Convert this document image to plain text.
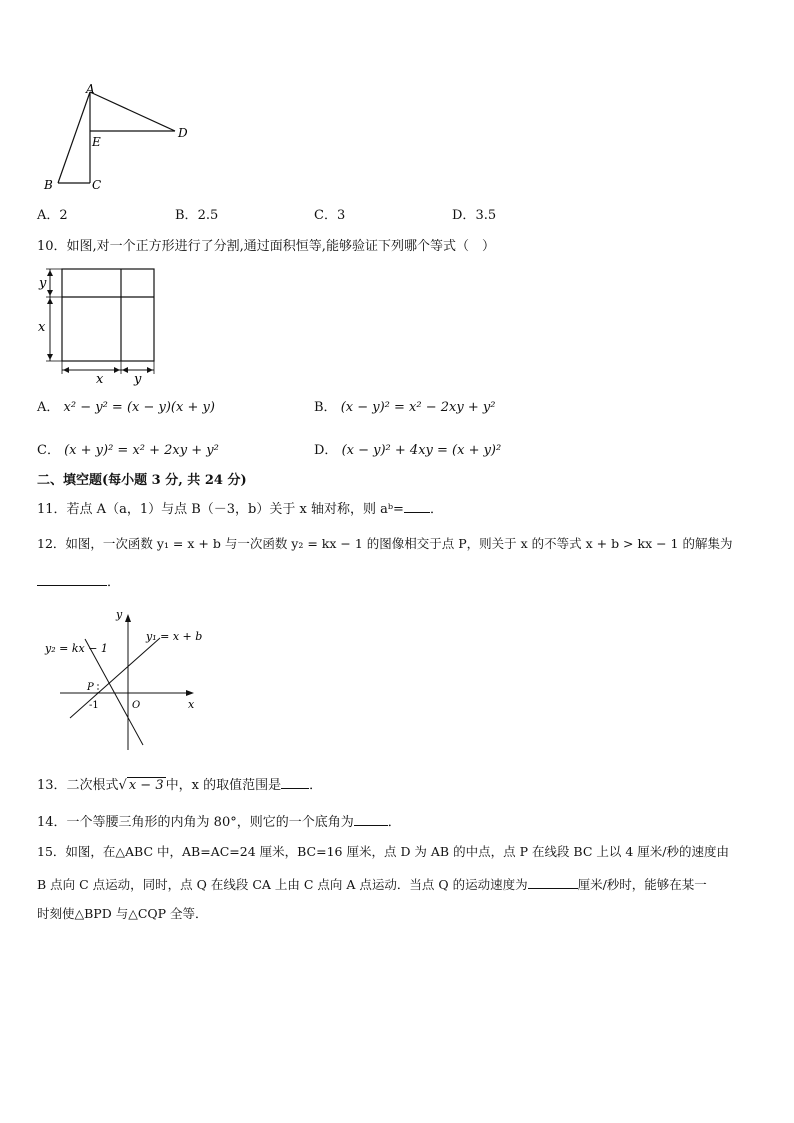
A
B	C
D
E
A．2	B．2.5	C．3	D．3.5
10．如图,对一个正方形进行了分割,通过面积恒等,能够验证下列哪个等式（　）
y
x
x y
A． x² − y² = (x − y)(x + y)	B． (x − y)² = x² − 2xy + y²
C． (x + y)² = x² + 2xy + y²	D． (x − y)² + 4xy = (x + y)²
二、填空题(每小题 3 分, 共 24 分)
11．若点 A（a，1）与点 B（－3，b）关于 x 轴对称，则 aᵇ= ．
12．如图，一次函数 y₁ = x + b 与一次函数 y₂ = kx − 1 的图像相交于点 P，则关于 x 的不等式 x + b > kx − 1 的解集为
．
y
x
O
-1
P
y₁ = x + b
y₂ = kx − 1
13．二次根式√ x − 3 中，x 的取值范围是 ．
14．一个等腰三角形的内角为 80°，则它的一个底角为	．
15．如图，在△ABC 中，AB=AC=24 厘米，BC=16 厘米，点 D 为 AB 的中点，点 P 在线段 BC 上以 4 厘米/秒的速度由
B 点向 C 点运动，同时，点 Q 在线段 CA 上由 C 点向 A 点运动．当点 Q 的运动速度为	厘米/秒时，能够在某一
时刻使△BPD 与△CQP 全等．
